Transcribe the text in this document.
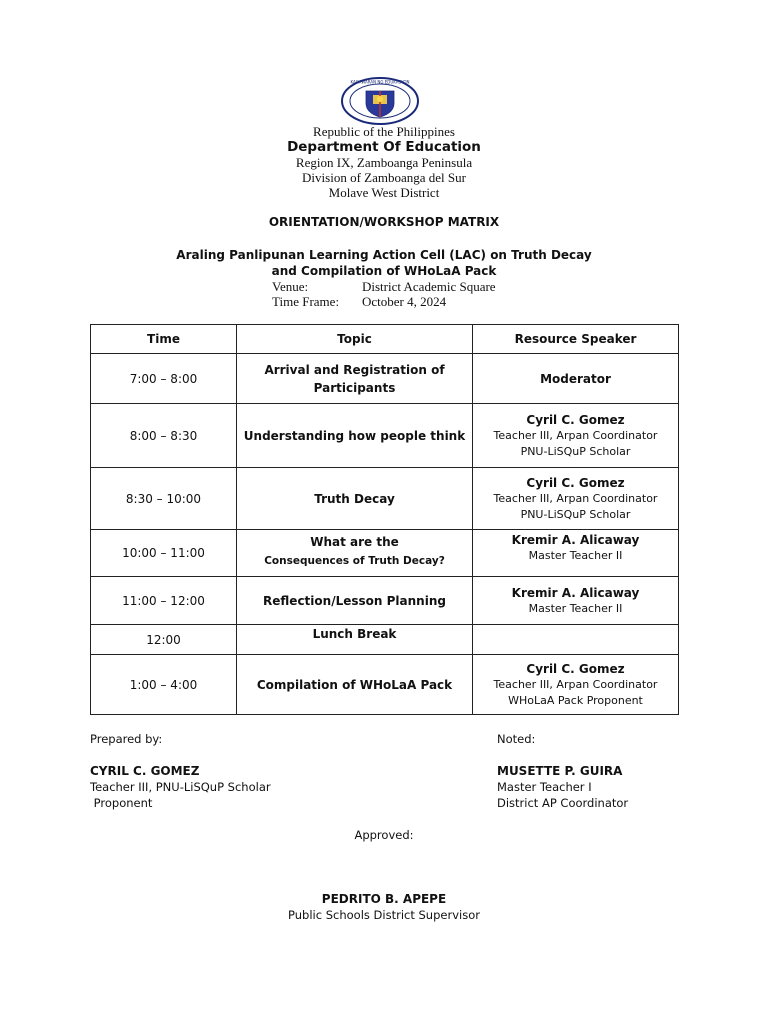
KAGAWARAN NG EDUKASYON
Republic of the Philippines
Department Of Education
Region IX, Zamboanga Peninsula
Division of Zamboanga del Sur
Molave West District
ORIENTATION/WORKSHOP MATRIX
Araling Panlipunan Learning Action Cell (LAC) on Truth Decay
and Compilation of WHoLaA Pack
Venue:	District Academic Square
Time Frame: October 4, 2024
Time	Topic	Resource Speaker
7:00 – 8:00	Arrival and Registration of Participants	Moderator

8:00 – 8:30	Understanding how people think	Cyril C. Gomez
Teacher III, Arpan Coordinator
PNU-LiSQuP Scholar

8:30 – 10:00	Truth Decay	Cyril C. Gomez
Teacher III, Arpan Coordinator
PNU-LiSQuP Scholar

10:00 – 11:00	What are the
Consequences of Truth Decay?	Kremir A. Alicaway
Master Teacher II

11:00 – 12:00	Reflection/Lesson Planning	Kremir A. Alicaway
Master Teacher II

12:00	Lunch Break	
1:00 – 4:00	Compilation of WHoLaA Pack	Cyril C. Gomez
Teacher III, Arpan Coordinator
WHoLaA Pack Proponent
Prepared by:
CYRIL C. GOMEZ
Teacher III, PNU-LiSQuP Scholar
Proponent
Noted:
MUSETTE P. GUIRA
Master Teacher I
District AP Coordinator
Approved:
PEDRITO B. APEPE
Public Schools District Supervisor
